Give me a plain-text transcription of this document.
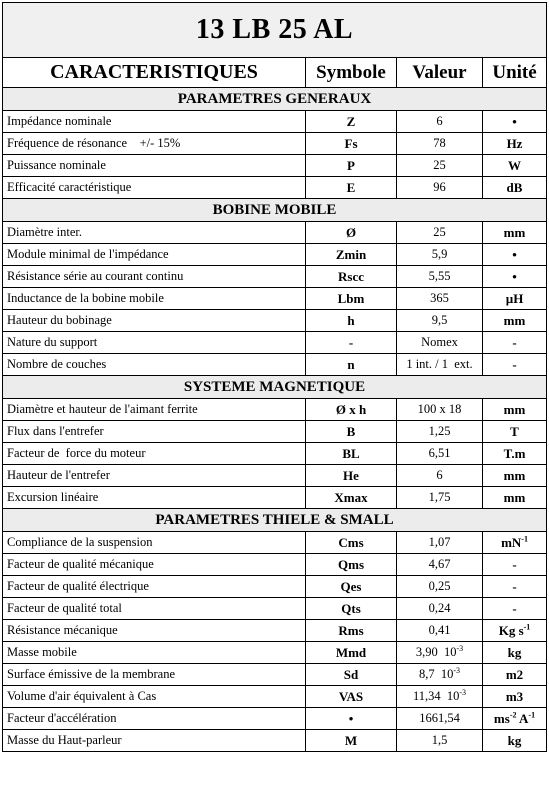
13 LB 25 AL			
CARACTERISTIQUES	Symbole	Valeur	Unité
PARAMETRES GENERAUX			
Impédance nominale	Z	6	•
Fréquence de résonance    +/- 15%	Fs	78	Hz
Puissance nominale	P	25	W
Efficacité caractéristique	E	96	dB
BOBINE MOBILE			
Diamètre inter.	Ø	25	mm
Module minimal de l'impédance	Zmin	5,9	•
Résistance série au courant continu	Rscc	5,55	•
Inductance de la bobine mobile	Lbm	365	µH
Hauteur du bobinage	h	9,5	mm
Nature du support	-	Nomex	-
Nombre de couches	n	1 int. / 1  ext.	-
SYSTEME MAGNETIQUE			
Diamètre et hauteur de l'aimant ferrite	Ø x h	100 x 18	mm
Flux dans l'entrefer	B	1,25	T
Facteur de  force du moteur	BL	6,51	T.m
Hauteur de l'entrefer	He	6	mm
Excursion linéaire	Xmax	1,75	mm
PARAMETRES THIELE & SMALL			
Compliance de la suspension	Cms	1,07	$mN^{-1}$
Facteur de qualité mécanique	Qms	4,67	-
Facteur de qualité électrique	Qes	0,25	-
Facteur de qualité total	Qts	0,24	-
Résistance mécanique	Rms	0,41	Kg $s^{-1}$
Masse mobile	Mmd	3,90  $10^{-3}$	kg
Surface émissive de la membrane	Sd	8,7  $10^{-3}$	m2
Volume d'air équivalent à Cas	VAS	11,34  $10^{-3}$	m3
Facteur d'accélération	•	1661,54	$ms^{-2}$ $A^{-1}$
Masse du Haut-parleur	M	1,5	kg
